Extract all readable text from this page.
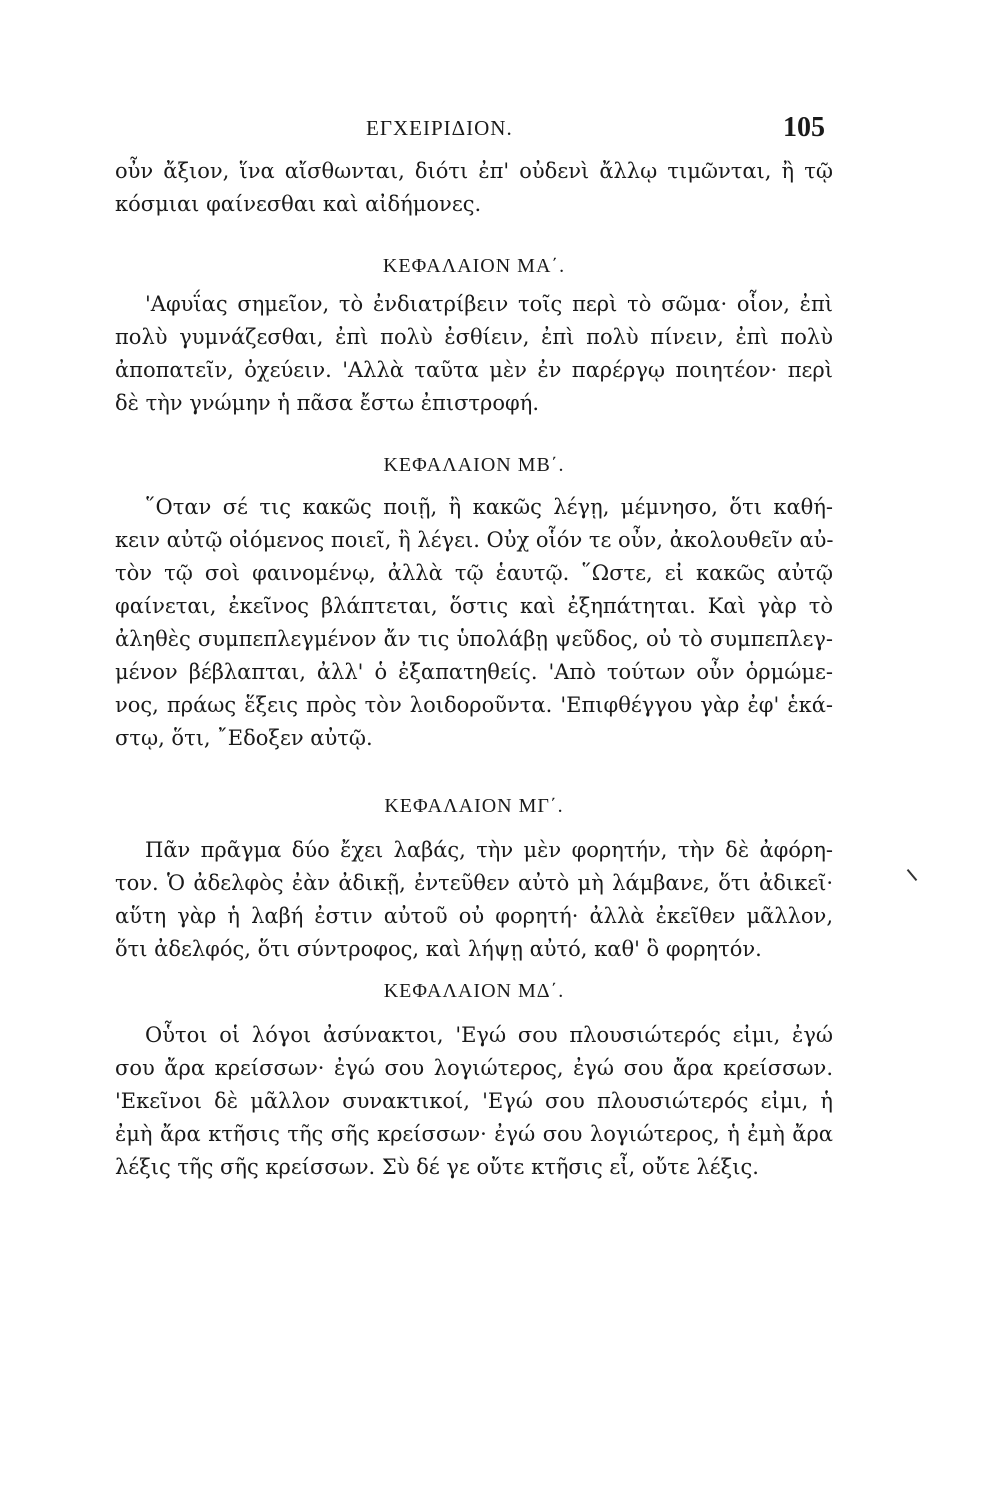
ΕΓΧΕΙΡΙΔΙΟΝ.	105
οὖν ἄξιον, ἵνα αἴσθωνται, διότι ἐπ' οὐδενὶ ἄλλῳ τιμῶνται, ἢ τῷ
κόσμιαι φαίνεσθαι καὶ αἰδήμονες.
ΚΕΦΑΛΑΙΟΝ ΜΑ΄.
'Αφυΐας σημεῖον, τὸ ἐνδιατρίβειν τοῖς περὶ τὸ σῶμα· οἷον, ἐπὶ
πολὺ γυμνάζεσθαι, ἐπὶ πολὺ ἐσθίειν, ἐπὶ πολὺ πίνειν, ἐπὶ πολὺ
ἀποπατεῖν, ὀχεύειν. 'Αλλὰ ταῦτα μὲν ἐν παρέργῳ ποιητέον· περὶ
δὲ τὴν γνώμην ἡ πᾶσα ἔστω ἐπιστροφή.
ΚΕΦΑΛΑΙΟΝ ΜΒ΄.
῞Οταν σέ τις κακῶς ποιῇ, ἢ κακῶς λέγῃ, μέμνησο, ὅτι καθή-
κειν αὐτῷ οἰόμενος ποιεῖ, ἢ λέγει. Οὐχ οἷόν τε οὖν, ἀκολουθεῖν αὐ-
τὸν τῷ σοὶ φαινομένῳ, ἀλλὰ τῷ ἑαυτῷ. ῞Ωστε, εἰ κακῶς αὐτῷ
φαίνεται, ἐκεῖνος βλάπτεται, ὅστις καὶ ἐξηπάτηται. Καὶ γὰρ τὸ
ἀληθὲς συμπεπλεγμένον ἄν τις ὑπολάβῃ ψεῦδος, οὐ τὸ συμπεπλεγ-
μένον βέβλαπται, ἀλλ' ὁ ἐξαπατηθείς. 'Απὸ τούτων οὖν ὁρμώμε-
νος, πράως ἕξεις πρὸς τὸν λοιδοροῦντα. 'Επιφθέγγου γὰρ ἐφ' ἑκά-
στῳ, ὅτι, ῎Εδοξεν αὐτῷ.
ΚΕΦΑΛΑΙΟΝ ΜΓ΄.
Πᾶν πρᾶγμα δύο ἔχει λαβάς, τὴν μὲν φορητήν, τὴν δὲ ἀφόρη-
τον. Ὁ ἀδελφὸς ἐὰν ἀδικῇ, ἐντεῦθεν αὐτὸ μὴ λάμβανε, ὅτι ἀδικεῖ·
αὕτη γὰρ ἡ λαβή ἐστιν αὐτοῦ οὐ φορητή· ἀλλὰ ἐκεῖθεν μᾶλλον,
ὅτι ἀδελφός, ὅτι σύντροφος, καὶ λήψῃ αὐτό, καθ' ὃ φορητόν.
ΚΕΦΑΛΑΙΟΝ ΜΔ΄.
Οὗτοι οἱ λόγοι ἀσύνακτοι, 'Εγώ σου πλουσιώτερός εἰμι, ἐγώ
σου ἄρα κρείσσων· ἐγώ σου λογιώτερος, ἐγώ σου ἄρα κρείσσων.
'Εκεῖνοι δὲ μᾶλλον συνακτικοί, 'Εγώ σου πλουσιώτερός εἰμι, ἡ
ἐμὴ ἄρα κτῆσις τῆς σῆς κρείσσων· ἐγώ σου λογιώτερος, ἡ ἐμὴ ἄρα
λέξις τῆς σῆς κρείσσων. Σὺ δέ γε οὔτε κτῆσις εἶ, οὔτε λέξις.
